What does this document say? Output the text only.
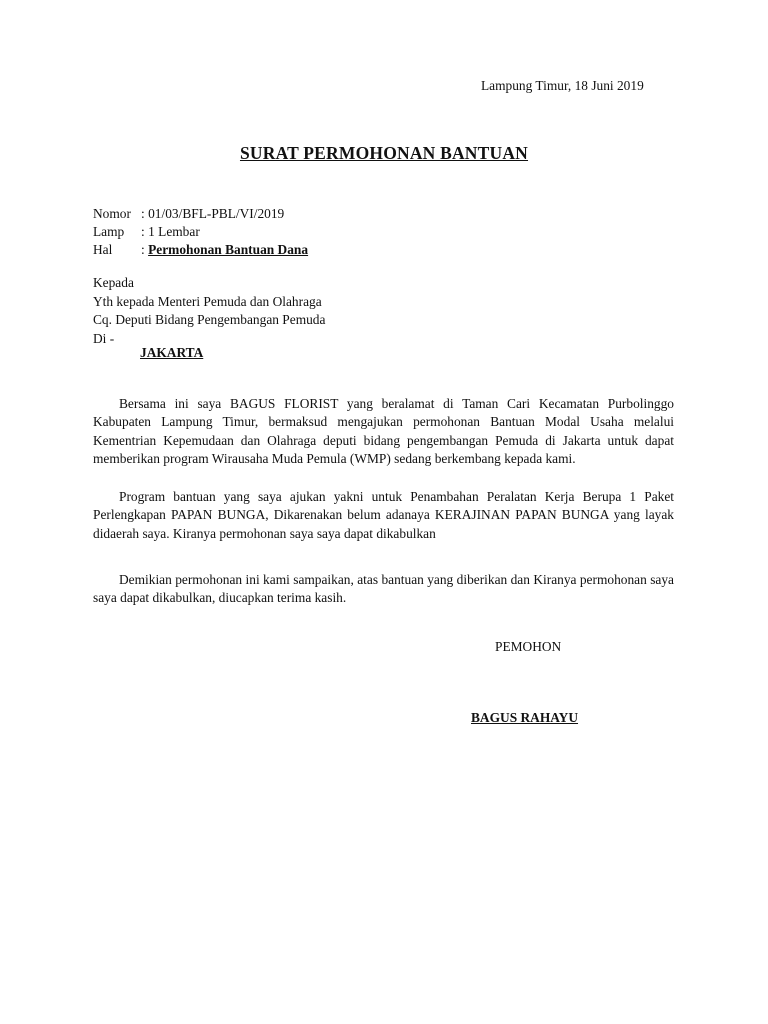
Lampung Timur, 18 Juni 2019
SURAT PERMOHONAN BANTUAN
Nomor : 01/03/BFL-PBL/VI/2019
Lamp : 1 Lembar
Hal : Permohonan Bantuan Dana
Kepada
Yth kepada Menteri Pemuda dan Olahraga
Cq. Deputi Bidang Pengembangan Pemuda
Di -
JAKARTA

Bersama ini saya BAGUS FLORIST yang beralamat di Taman Cari Kecamatan Purbolinggo Kabupaten Lampung Timur, bermaksud mengajukan permohonan Bantuan Modal Usaha melalui Kementrian Kepemudaan dan Olahraga deputi bidang pengembangan Pemuda di Jakarta untuk dapat memberikan program Wirausaha Muda Pemula (WMP) sedang berkembang kepada kami.

Program bantuan yang saya ajukan yakni untuk Penambahan Peralatan Kerja Berupa 1 Paket Perlengkapan PAPAN BUNGA, Dikarenakan belum adanaya KERAJINAN PAPAN BUNGA yang layak didaerah saya. Kiranya permohonan saya saya dapat dikabulkan

Demikian permohonan ini kami sampaikan, atas bantuan yang diberikan dan Kiranya permohonan saya saya dapat dikabulkan, diucapkan terima kasih.

PEMOHON
BAGUS RAHAYU
